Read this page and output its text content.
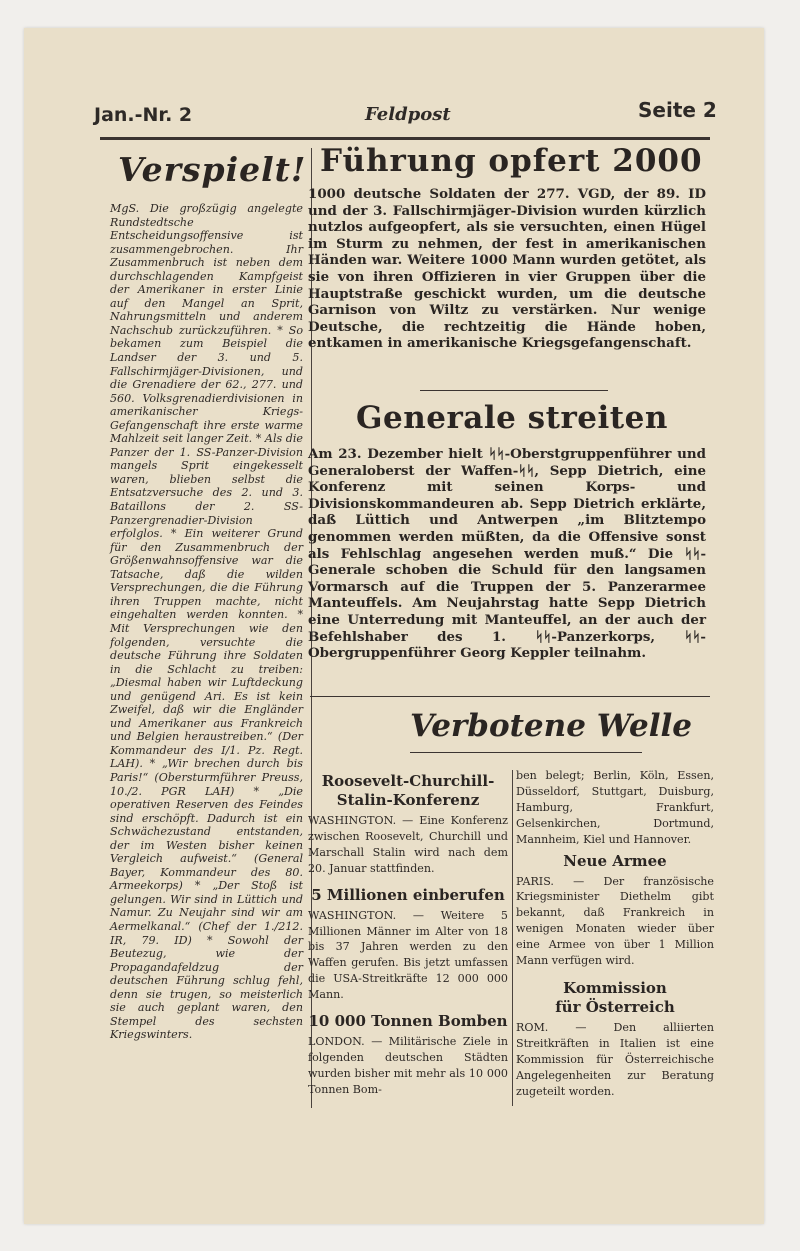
Jan.-Nr. 2	Feldpost	Seite 2
Verspielt!

MgS. Die großzügig angelegte Rundstedtsche Entscheidungsoffensive ist zusammengebrochen. Ihr Zusammenbruch ist neben dem durchschlagenden Kampfgeist der Amerikaner in erster Linie auf den Mangel an Sprit, Nahrungsmitteln und anderem Nachschub zurückzuführen. * So bekamen zum Beispiel die Landser der 3. und 5. Fallschirmjäger-Divisionen, und die Grenadiere der 62., 277. und 560. Volksgrenadierdivisionen in amerikanischer Kriegs-Gefangenschaft ihre erste warme Mahlzeit seit langer Zeit. * Als die Panzer der 1. SS-Panzer-Division mangels Sprit eingekesselt waren, blieben selbst die Entsatzversuche des 2. und 3. Bataillons der 2. SS-Panzergrenadier-Division erfolglos. * Ein weiterer Grund für den Zusammenbruch der Größenwahnsoffensive war die Tatsache, daß die wilden Versprechungen, die die Führung ihren Truppen machte, nicht eingehalten werden konnten. * Mit Versprechungen wie den folgenden, versuchte die deutsche Führung ihre Soldaten in die Schlacht zu treiben: „Diesmal haben wir Luftdeckung und genügend Ari. Es ist kein Zweifel, daß wir die Engländer und Amerikaner aus Frankreich und Belgien heraustreiben.“ (Der Kommandeur des I/1. Pz. Regt. LAH). * „Wir brechen durch bis Paris!“ (Obersturmführer Preuss, 10./2. PGR LAH) * „Die operativen Reserven des Feindes sind erschöpft. Dadurch ist ein Schwächezustand entstanden, der im Westen bisher keinen Vergleich aufweist.“ (General Bayer, Kommandeur des 80. Armeekorps) * „Der Stoß ist gelungen. Wir sind in Lüttich und Namur. Zu Neujahr sind wir am Aermelkanal.“ (Chef der 1./212. IR, 79. ID) * Sowohl der Beutezug, wie der Propagandafeldzug der deutschen Führung schlug fehl, denn sie trugen, so meisterlich sie auch geplant waren, den Stempel des sechsten Kriegswinters.

Führung opfert 2000

1000 deutsche Soldaten der 277. VGD, der 89. ID und der 3. Fallschirmjäger-Division wurden kürzlich nutzlos aufgeopfert, als sie versuchten, einen Hügel im Sturm zu nehmen, der fest in amerikanischen Händen war. Weitere 1000 Mann wurden getötet, als sie von ihren Offizieren in vier Gruppen über die Hauptstraße geschickt wurden, um die deutsche Garnison von Wiltz zu verstärken. Nur wenige Deutsche, die rechtzeitig die Hände hoben, entkamen in amerikanische Kriegsgefangenschaft.

Generale streiten

Am 23. Dezember hielt ᛋᛋ-Oberstgruppenführer und Generaloberst der Waffen-ᛋᛋ, Sepp Dietrich, eine Konferenz mit seinen Korps- und Divisionskommandeuren ab. Sepp Dietrich erklärte, daß Lüttich und Antwerpen „im Blitztempo genommen werden müßten, da die Offensive sonst als Fehlschlag angesehen werden muß.“ Die ᛋᛋ-Generale schoben die Schuld für den langsamen Vormarsch auf die Truppen der 5. Panzerarmee Manteuffels. Am Neujahrstag hatte Sepp Dietrich eine Unterredung mit Manteuffel, an der auch der Befehlshaber des 1. ᛋᛋ-Panzerkorps, ᛋᛋ-Obergruppenführer Georg Keppler teilnahm.

Verbotene Welle
Roosevelt-Churchill-
Stalin-Konferenz

WASHINGTON. — Eine Konferenz zwischen Roosevelt, Churchill und Marschall Stalin wird nach dem 20. Januar stattfinden.

5 Millionen einberufen

WASHINGTON. — Weitere 5 Millionen Männer im Alter von 18 bis 37 Jahren werden zu den Waffen gerufen. Bis jetzt umfassen die USA-Streitkräfte 12 000 000 Mann.

10 000 Tonnen Bomben

LONDON. — Militärische Ziele in folgenden deutschen Städten wurden bisher mit mehr als 10 000 Tonnen Bom-

ben belegt; Berlin, Köln, Essen, Düsseldorf, Stuttgart, Duisburg, Hamburg, Frankfurt, Gelsenkirchen, Dortmund, Mannheim, Kiel und Hannover.

Neue Armee

PARIS. — Der französische Kriegsminister Diethelm gibt bekannt, daß Frankreich in wenigen Monaten wieder über eine Armee von über 1 Million Mann verfügen wird.

Kommission
für Österreich

ROM. — Den alliierten Streitkräften in Italien ist eine Kommission für Österreichische Angelegenheiten zur Beratung zugeteilt worden.
